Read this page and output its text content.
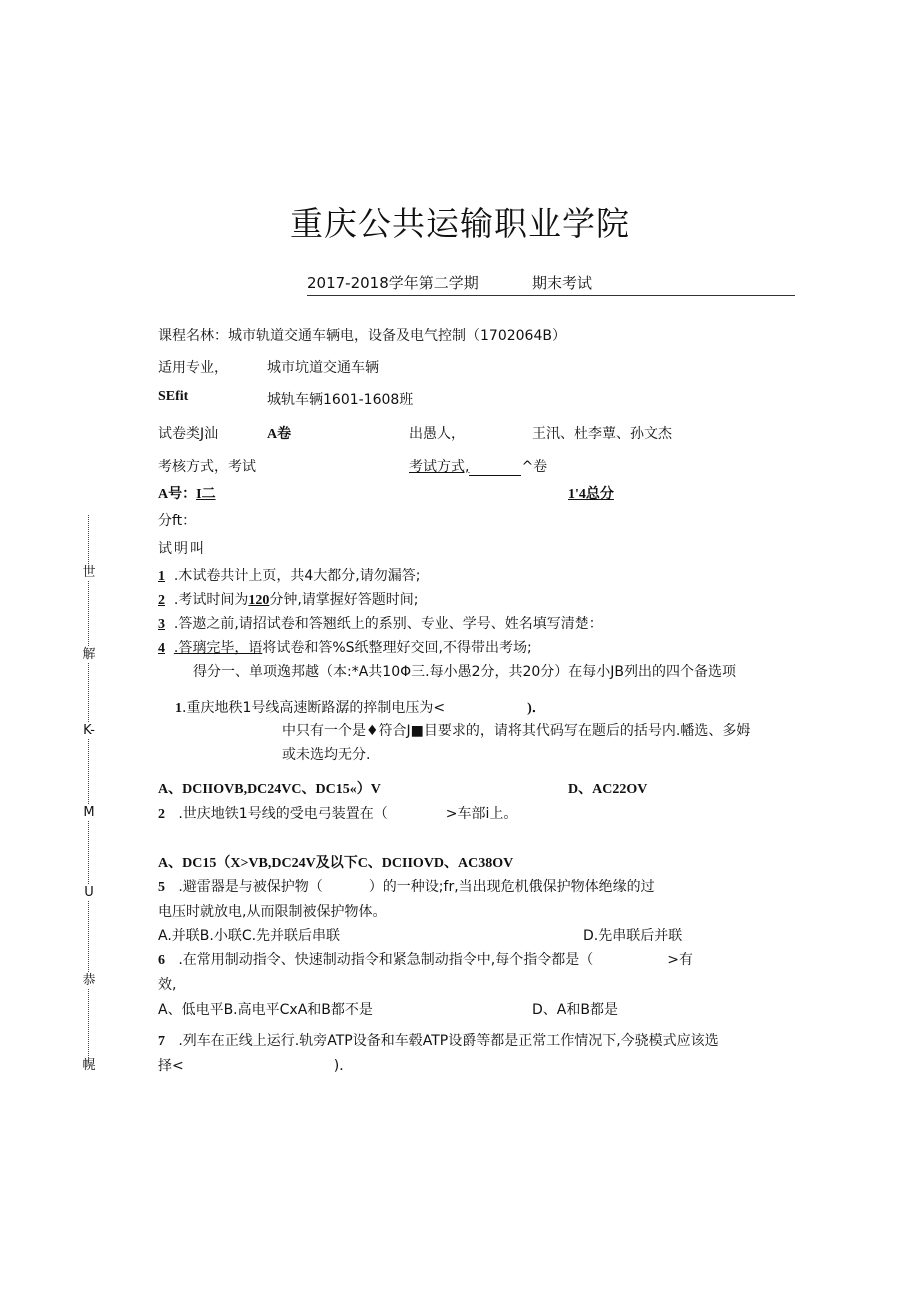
重庆公共运输职业学院
2017-2018学年第二学期	期末考试
课程名林：城市轨道交通车辆电，设备及电气控制（1702064B）
适用专业，	城市坑道交通车辆
SEfit	城轨车辆1601-1608班
试卷类J汕	A卷	出愚人，	王汛、杜李蕈、孙文杰
考核方式，考试	考试方式,	^卷
A号：I二	1'4总分
分ft：
试明叫
1 .木试卷共计上页，共4大都分,请勿漏答;
2 .考试时间为120分钟,请掌握好答题时间;
3 .答遨之前,请招试卷和答翘纸上的系别、专业、学号、姓名填写清楚：
4 .答璃完毕，语将试卷和答%S纸整理好交回,不得带出考场;
得分一、单项逸邦越（本:*A共10Φ三.每小愚2分，共20分）在每小JB列出的四个备选项
1.重庆地秩1号线高速断路潺的捽制电压为<	)．
中只有一个是♦符合J■目要求的，请将其代码写在题后的括号内.幡选、多姆
或未选均无分.
A、DCIIOVB,DC24VC、DC15«）V	D、AC22OV
2 .世庆地铁1号线的受电弓装置在（	>车部i上。
A、DC15（X>VB,DC24V及以下C、DCIIOVD、AC38OV
5 .避雷器是与被保护物（	）的一种设;fr,当出现危机俄保护物体绝缘的过
电压时就放电,从而限制被保护物体。
A.并联B.小联C.先并联后串联	D.先串联后并联
6 .在常用制动指令、快速制动指令和紧急制动指令中,每个指令都是（	>有
效,
A、低电平B.高电平CxA和B都不是	D、A和B都是
7 .列车在正线上运行.轨旁ATP设备和车毂ATP设爵等都是正常工作情况下,今骁模式应该选
择<	)．
世
解
K-
M
U
恭
幌
